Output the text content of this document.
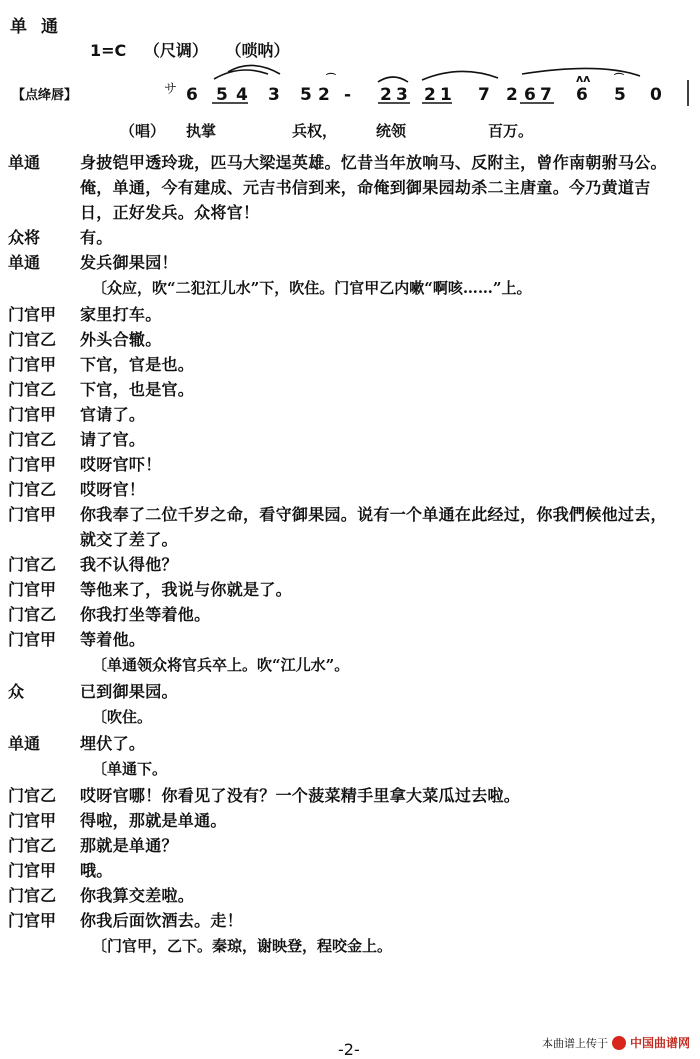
单通
1=C （尺调） （唢呐）
【点绛唇】	サ 6 5 4 3 5 2 - 2 3 2 1 7 2 6 7 6 5 0
ᴧᴧ
⌒	⌒
（唱） 执掌	兵权，	统领	百万。
单通	身披铠甲透玲珑，匹马大梁逞英雄。忆昔当年放响马、反附主，曾作南朝驸马公。俺，单通，今有建成、元吉书信到来，命俺到御果园劫杀二主唐童。今乃黄道吉日，正好发兵。众将官！
众将	有。
单通	发兵御果园！
〔众应，吹“二犯江儿水”下，吹住。门官甲乙内嗽“啊咳……”上。
门官甲	家里打车。
门官乙	外头合辙。
门官甲	下官，官是也。
门官乙	下官，也是官。
门官甲	官请了。
门官乙	请了官。
门官甲	哎呀官吓！
门官乙	哎呀官！
门官甲	你我奉了二位千岁之命，看守御果园。说有一个单通在此经过，你我們候他过去，就交了差了。
门官乙	我不认得他？
门官甲	等他来了，我说与你就是了。
门官乙	你我打坐等着他。
门官甲	等着他。
〔单通领众将官兵卒上。吹“江儿水”。
众	已到御果园。
〔吹住。
单通	埋伏了。
〔单通下。
门官乙	哎呀官哪！你看见了没有？一个菠菜精手里拿大菜瓜过去啦。
门官甲	得啦，那就是单通。
门官乙	那就是单通？
门官甲	哦。
门官乙	你我算交差啦。
门官甲	你我后面饮酒去。走！
〔门官甲，乙下。秦琼，谢映登，程咬金上。
-2-	本曲谱上传于 中国曲谱网
